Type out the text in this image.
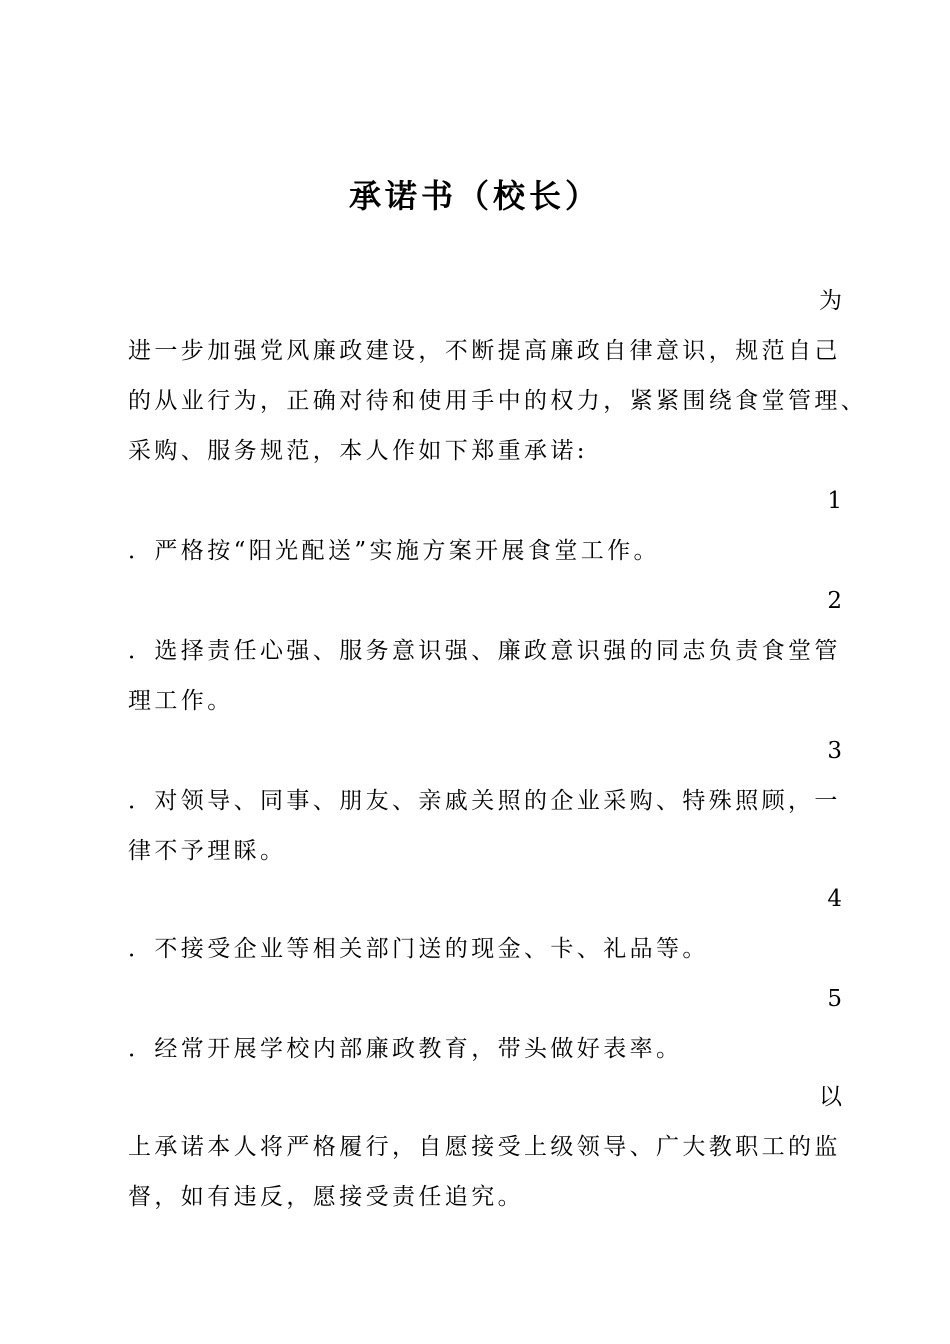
承诺书（校长）

为

进一步加强党风廉政建设，不断提高廉政自律意识，规范自己

的从业行为，正确对待和使用手中的权力，紧紧围绕食堂管理、

采购、服务规范，本人作如下郑重承诺:

1

．严格按“阳光配送”实施方案开展食堂工作。

2

．选择责任心强、服务意识强、廉政意识强的同志负责食堂管

理工作。

3

．对领导、同事、朋友、亲戚关照的企业采购、特殊照顾，一

律不予理睬。

4

．不接受企业等相关部门送的现金、卡、礼品等。

5

．经常开展学校内部廉政教育，带头做好表率。

以

上承诺本人将严格履行，自愿接受上级领导、广大教职工的监

督，如有违反，愿接受责任追究。
